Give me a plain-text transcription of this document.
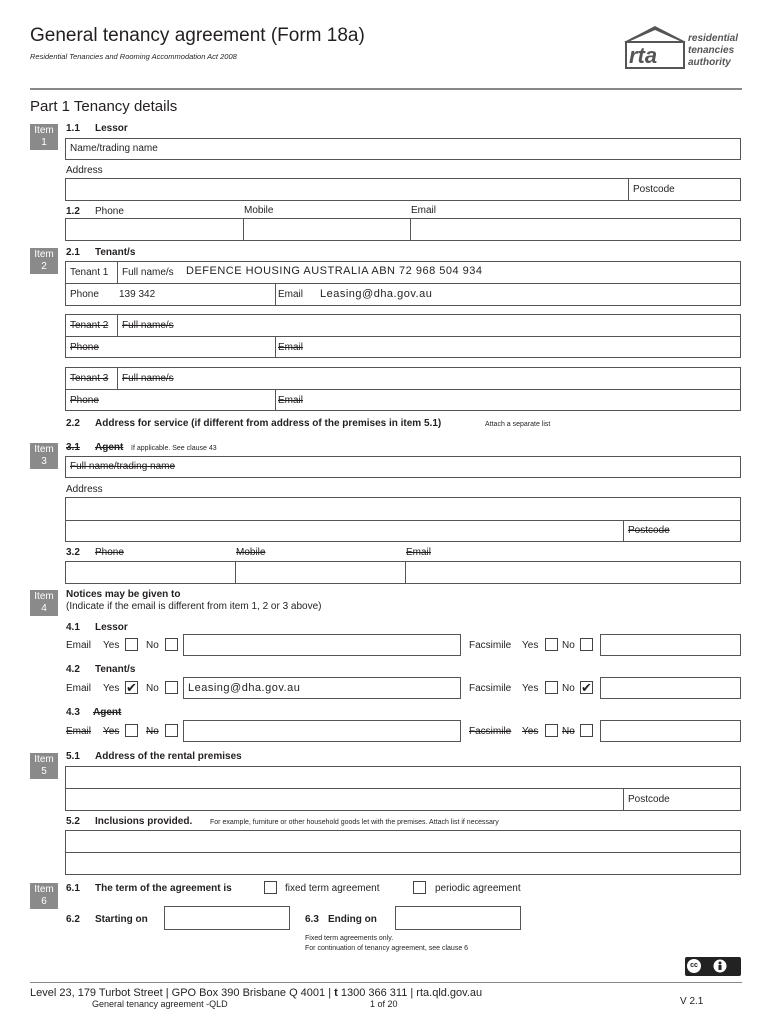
General tenancy agreement (Form 18a)
Residential Tenancies and Rooming Accommodation Act 2008	rta
residential
tenancies
authority
Part 1 Tenancy details
Item
1
1.1 Lessor
Name/trading name
Address
Postcode
1.2 Phone	Mobile	Email
Item
2
2.1 Tenant/s
Tenant 1 Full name/s DEFENCE HOUSING AUSTRALIA ABN 72 968 504 934
Phone 139 342	Email Leasing@dha.gov.au
Tenant 2 Full name/s
Phone	Email
Tenant 3 Full name/s
Phone	Email
2.2 Address for service (if different from address of the premises in item 5.1)	Attach a separate list
Item
3
3.1 Agent If applicable. See clause 43
Full name/trading name
Address
Postcode
3.2 Phone	Mobile	Email
Item
4
Notices may be given to
(Indicate if the email is different from item 1, 2 or 3 above)
4.1 Lessor
Email Yes	No	Facsimile Yes No
4.2 Tenant/s
Email Yes ✔ No	Leasing@dha.gov.au	Facsimile Yes No ✔
4.3 Agent
Email Yes	No	Facsimile Yes No
Item
5
5.1 Address of the rental premises
Postcode
5.2 Inclusions provided.	For example, furniture or other household goods let with the premises. Attach list if necessary
Item
6
6.1 The term of the agreement is	fixed term agreement	periodic agreement
6.2 Starting on	6.3 Ending on
Fixed term agreements only.
For continuation of tenancy agreement, see clause 6
cc
Level 23, 179 Turbot Street | GPO Box 390 Brisbane Q 4001 | t 1300 366 311 | rta.qld.gov.au
General tenancy agreement -QLD	1 of 20	V 2.1
